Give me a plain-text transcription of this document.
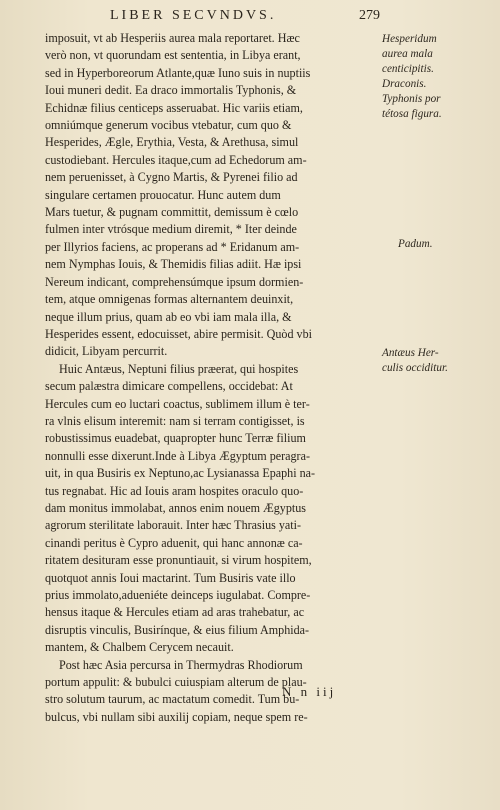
LIBER SECVNDVS.	279
imposuit, vt ab Hesperiis aurea mala reportaret. Hæc
verò non, vt quorundam est sententia, in Libya erant,
sed in Hyperboreorum Atlante,quæ Iuno suis in nuptiis
Ioui muneri dedit. Ea draco immortalis Typhonis, &
Echidnæ filius centiceps asseruabat. Hic variis etiam,
omniúmque generum vocibus vtebatur, cum quo &
Hesperides, Ægle, Erythia, Vesta, & Arethusa, simul
custodiebant. Hercules itaque,cum ad Echedorum am-
nem peruenisset, à Cygno Martis, & Pyrenei filio ad
singulare certamen prouocatur. Hunc autem dum
Mars tuetur, & pugnam committit, demissum è cœlo
fulmen inter vtrósque medium diremit, * Iter deinde
per Illyrios faciens, ac properans ad * Eridanum am-
nem Nymphas Iouis, & Themidis filias adiit. Hæ ipsi
Nereum indicant, comprehensúmque ipsum dormien-
tem, atque omnigenas formas alternantem deuinxit,
neque illum prius, quam ab eo vbi iam mala illa, &
Hesperides essent, edocuisset, abire permisit. Quòd vbi
didicit, Libyam percurrit.
Huic Antæus, Neptuni filius præerat, qui hospites
secum palæstra dimicare compellens, occidebat: At
Hercules cum eo luctari coactus, sublimem illum è ter-
ra vlnis elisum interemit: nam si terram contigisset, is
robustissimus euadebat, quapropter hunc Terræ filium
nonnulli esse dixerunt.Inde à Libya Ægyptum peragra-
uit, in qua Busiris ex Neptuno,ac Lysianassa Epaphi na-
tus regnabat. Hic ad Iouis aram hospites oraculo quo-
dam monitus immolabat, annos enim nouem Ægyptus
agrorum sterilitate laborauit. Inter hæc Thrasius yati-
cinandi peritus è Cypro aduenit, qui hanc annonæ ca-
ritatem desituram esse pronuntiauit, si virum hospitem,
quotquot annis Ioui mactarint. Tum Busiris vate illo
prius immolato,adueniéte deinceps iugulabat. Compre-
hensus itaque & Hercules etiam ad aras trahebatur, ac
disruptis vinculis, Busirínque, & eius filium Amphida-
mantem, & Chalbem Cerycem necauit.
Post hæc Asia percursa in Thermydras Rhodiorum
portum appulit: & bubulci cuiuspiam alterum de plau-
stro solutum taurum, ac mactatum comedit. Tum bu-
bulcus, vbi nullam sibi auxilij copiam, neque spem re-
Hesperidum
aurea mala
centicipitis.
Draconis.
Typhonis por
tétosa figura.
Padum.
Antæus Her-
culis occiditur.
N n iij
